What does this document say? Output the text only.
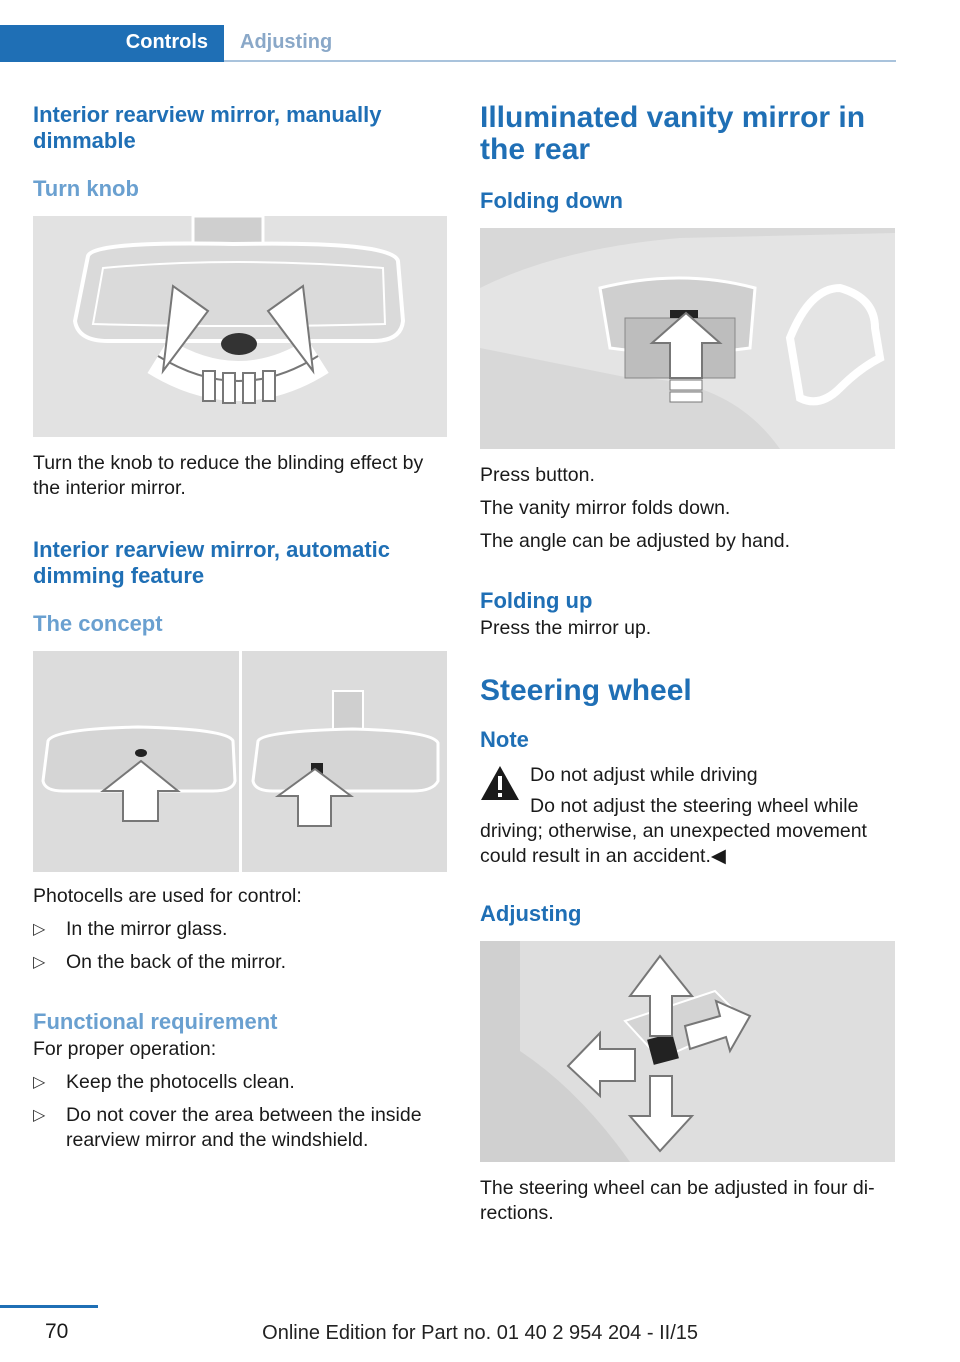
Controls	Adjusting
Interior rearview mirror, manually dimmable
Turn knob

Turn the knob to reduce the blinding effect by the interior mirror.

Interior rearview mirror, automatic dimming feature
The concept

Photocells are used for control:

▷ In the mirror glass.
▷ On the back of the mirror.
Functional requirement

For proper operation:

▷ Keep the photocells clean.
▷ Do not cover the area between the inside rearview mirror and the windshield.
Illuminated vanity mirror in the rear
Folding down

Press button.

The vanity mirror folds down.

The angle can be adjusted by hand.

Folding up

Press the mirror up.

Steering wheel
Note

Do not adjust while driving

Do not adjust the steering wheel while driving; otherwise, an unexpected movement could result in an accident.◀

Adjusting

The steering wheel can be adjusted in four di‐rections.

70	Online Edition for Part no. 01 40 2 954 204 - II/15
